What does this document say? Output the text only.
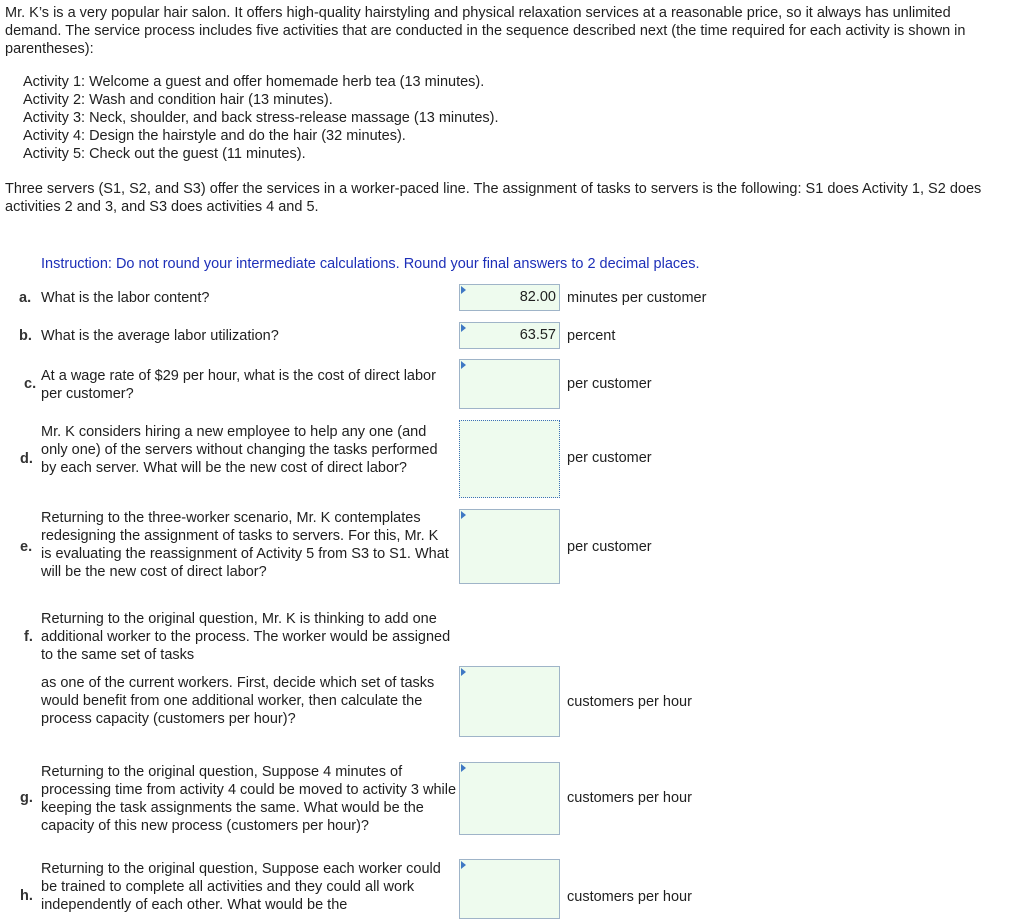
Mr. K’s is a very popular hair salon. It offers high-quality hairstyling and physical relaxation services at a reasonable price, so it always has unlimited demand. The service process includes five activities that are conducted in the sequence described next (the time required for each activity is shown in parentheses):
Activity 1: Welcome a guest and offer homemade herb tea (13 minutes).
Activity 2: Wash and condition hair (13 minutes).
Activity 3: Neck, shoulder, and back stress-release massage (13 minutes).
Activity 4: Design the hairstyle and do the hair (32 minutes).
Activity 5: Check out the guest (11 minutes).
Three servers (S1, S2, and S3) offer the services in a worker-paced line. The assignment of tasks to servers is the following: S1 does Activity 1, S2 does activities 2 and 3, and S3 does activities 4 and 5.
Instruction: Do not round your intermediate calculations. Round your final answers to 2 decimal places.
a. What is the labor content?	82.00 minutes per customer
b. What is the average labor utilization?	63.57 percent
c. At a wage rate of $29 per hour, what is the cost of direct labor per customer?
per customer
d.
Mr. K considers hiring a new employee to help any one (and only one) of the servers without changing the tasks performed by each server. What will be the new cost of direct labor?
per customer
e.
Returning to the three-worker scenario, Mr. K contemplates redesigning the assignment of tasks to servers. For this, Mr. K is evaluating the reassignment of Activity 5 from S3 to S1. What will be the new cost of direct labor?
per customer
f.
Returning to the original question, Mr. K is thinking to add one additional worker to the process. The worker would be assigned to the same set of tasks
as one of the current workers. First, decide which set of tasks would benefit from one additional worker, then calculate the process capacity (customers per hour)?
customers per hour
g.
Returning to the original question, Suppose 4 minutes of processing time from activity 4 could be moved to activity 3 while keeping the task assignments the same. What would be the capacity of this new process (customers per hour)?
customers per hour
h.
Returning to the original question, Suppose each worker could be trained to complete all activities and they could all work independently of each other. What would be the	customers per hour
